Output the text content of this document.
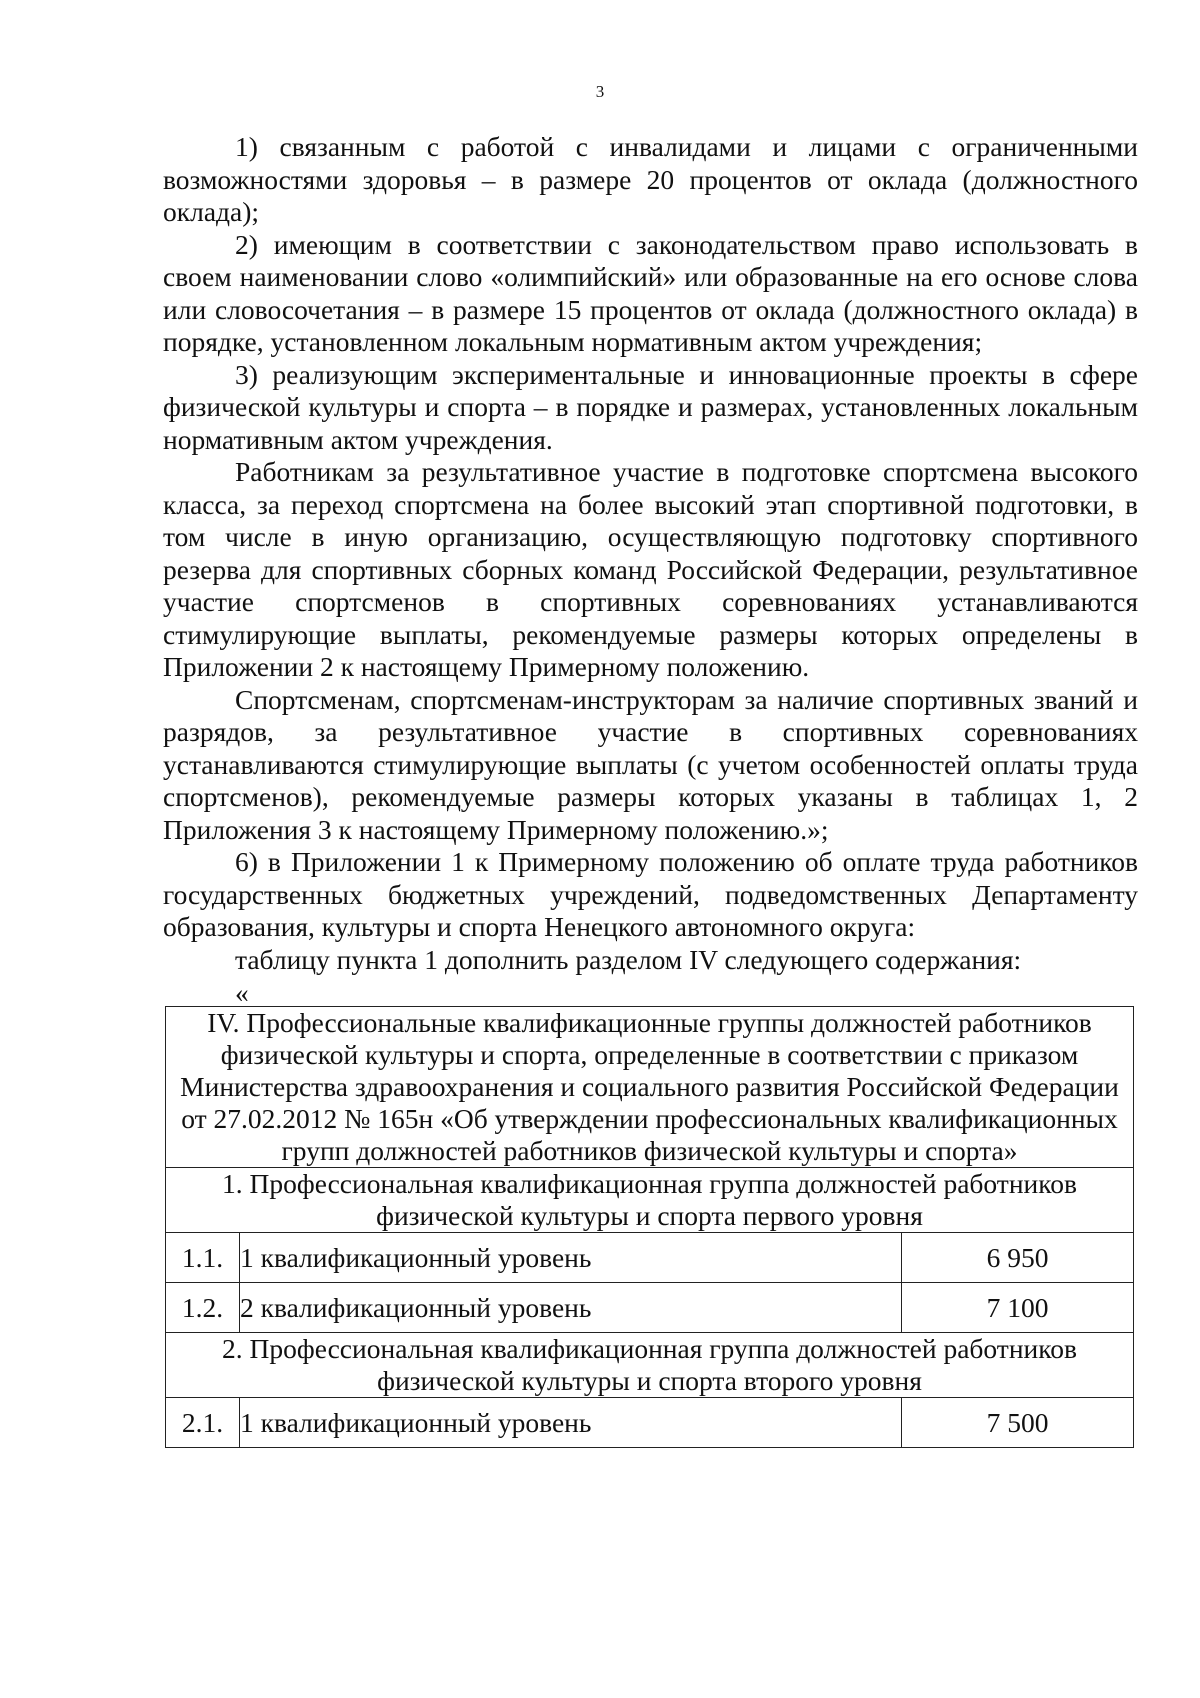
3

1) связанным с работой с инвалидами и лицами с ограниченными возможностями здоровья – в размере 20 процентов от оклада (должностного оклада);

2) имеющим в соответствии с законодательством право использовать в своем наименовании слово «олимпийский» или образованные на его основе слова или словосочетания – в размере 15 процентов от оклада (должностного оклада) в порядке, установленном локальным нормативным актом учреждения;

3) реализующим экспериментальные и инновационные проекты в сфере физической культуры и спорта – в порядке и размерах, установленных локальным нормативным актом учреждения.

Работникам за результативное участие в подготовке спортсмена высокого класса, за переход спортсмена на более высокий этап спортивной подготовки, в том числе в иную организацию, осуществляющую подготовку спортивного резерва для спортивных сборных команд Российской Федерации, результативное участие спортсменов в спортивных соревнованиях устанавливаются стимулирующие выплаты, рекомендуемые размеры которых определены в Приложении 2 к настоящему Примерному положению.

Спортсменам, спортсменам-инструкторам за наличие спортивных званий и разрядов, за результативное участие в спортивных соревнованиях устанавливаются стимулирующие выплаты (с учетом особенностей оплаты труда спортсменов), рекомендуемые размеры которых указаны в таблицах 1, 2 Приложения 3 к настоящему Примерному положению.»;

6) в Приложении 1 к Примерному положению об оплате труда работников государственных бюджетных учреждений, подведомственных Департаменту образования, культуры и спорта Ненецкого автономного округа:

таблицу пункта 1 дополнить разделом IV следующего содержания:

«

IV. Профессиональные квалификационные группы должностей работников физической культуры и спорта, определенные в соответствии с приказом Министерства здравоохранения и социального развития Российской Федерации от 27.02.2012 № 165н «Об утверждении профессиональных квалификационных групп должностей работников физической культуры и спорта»		
1. Профессиональная квалификационная группа должностей работников физической культуры и спорта первого уровня		
1.1.	1 квалификационный уровень	6 950
1.2.	2 квалификационный уровень	7 100
2. Профессиональная квалификационная группа должностей работников физической культуры и спорта второго уровня		
2.1.	1 квалификационный уровень	7 500
